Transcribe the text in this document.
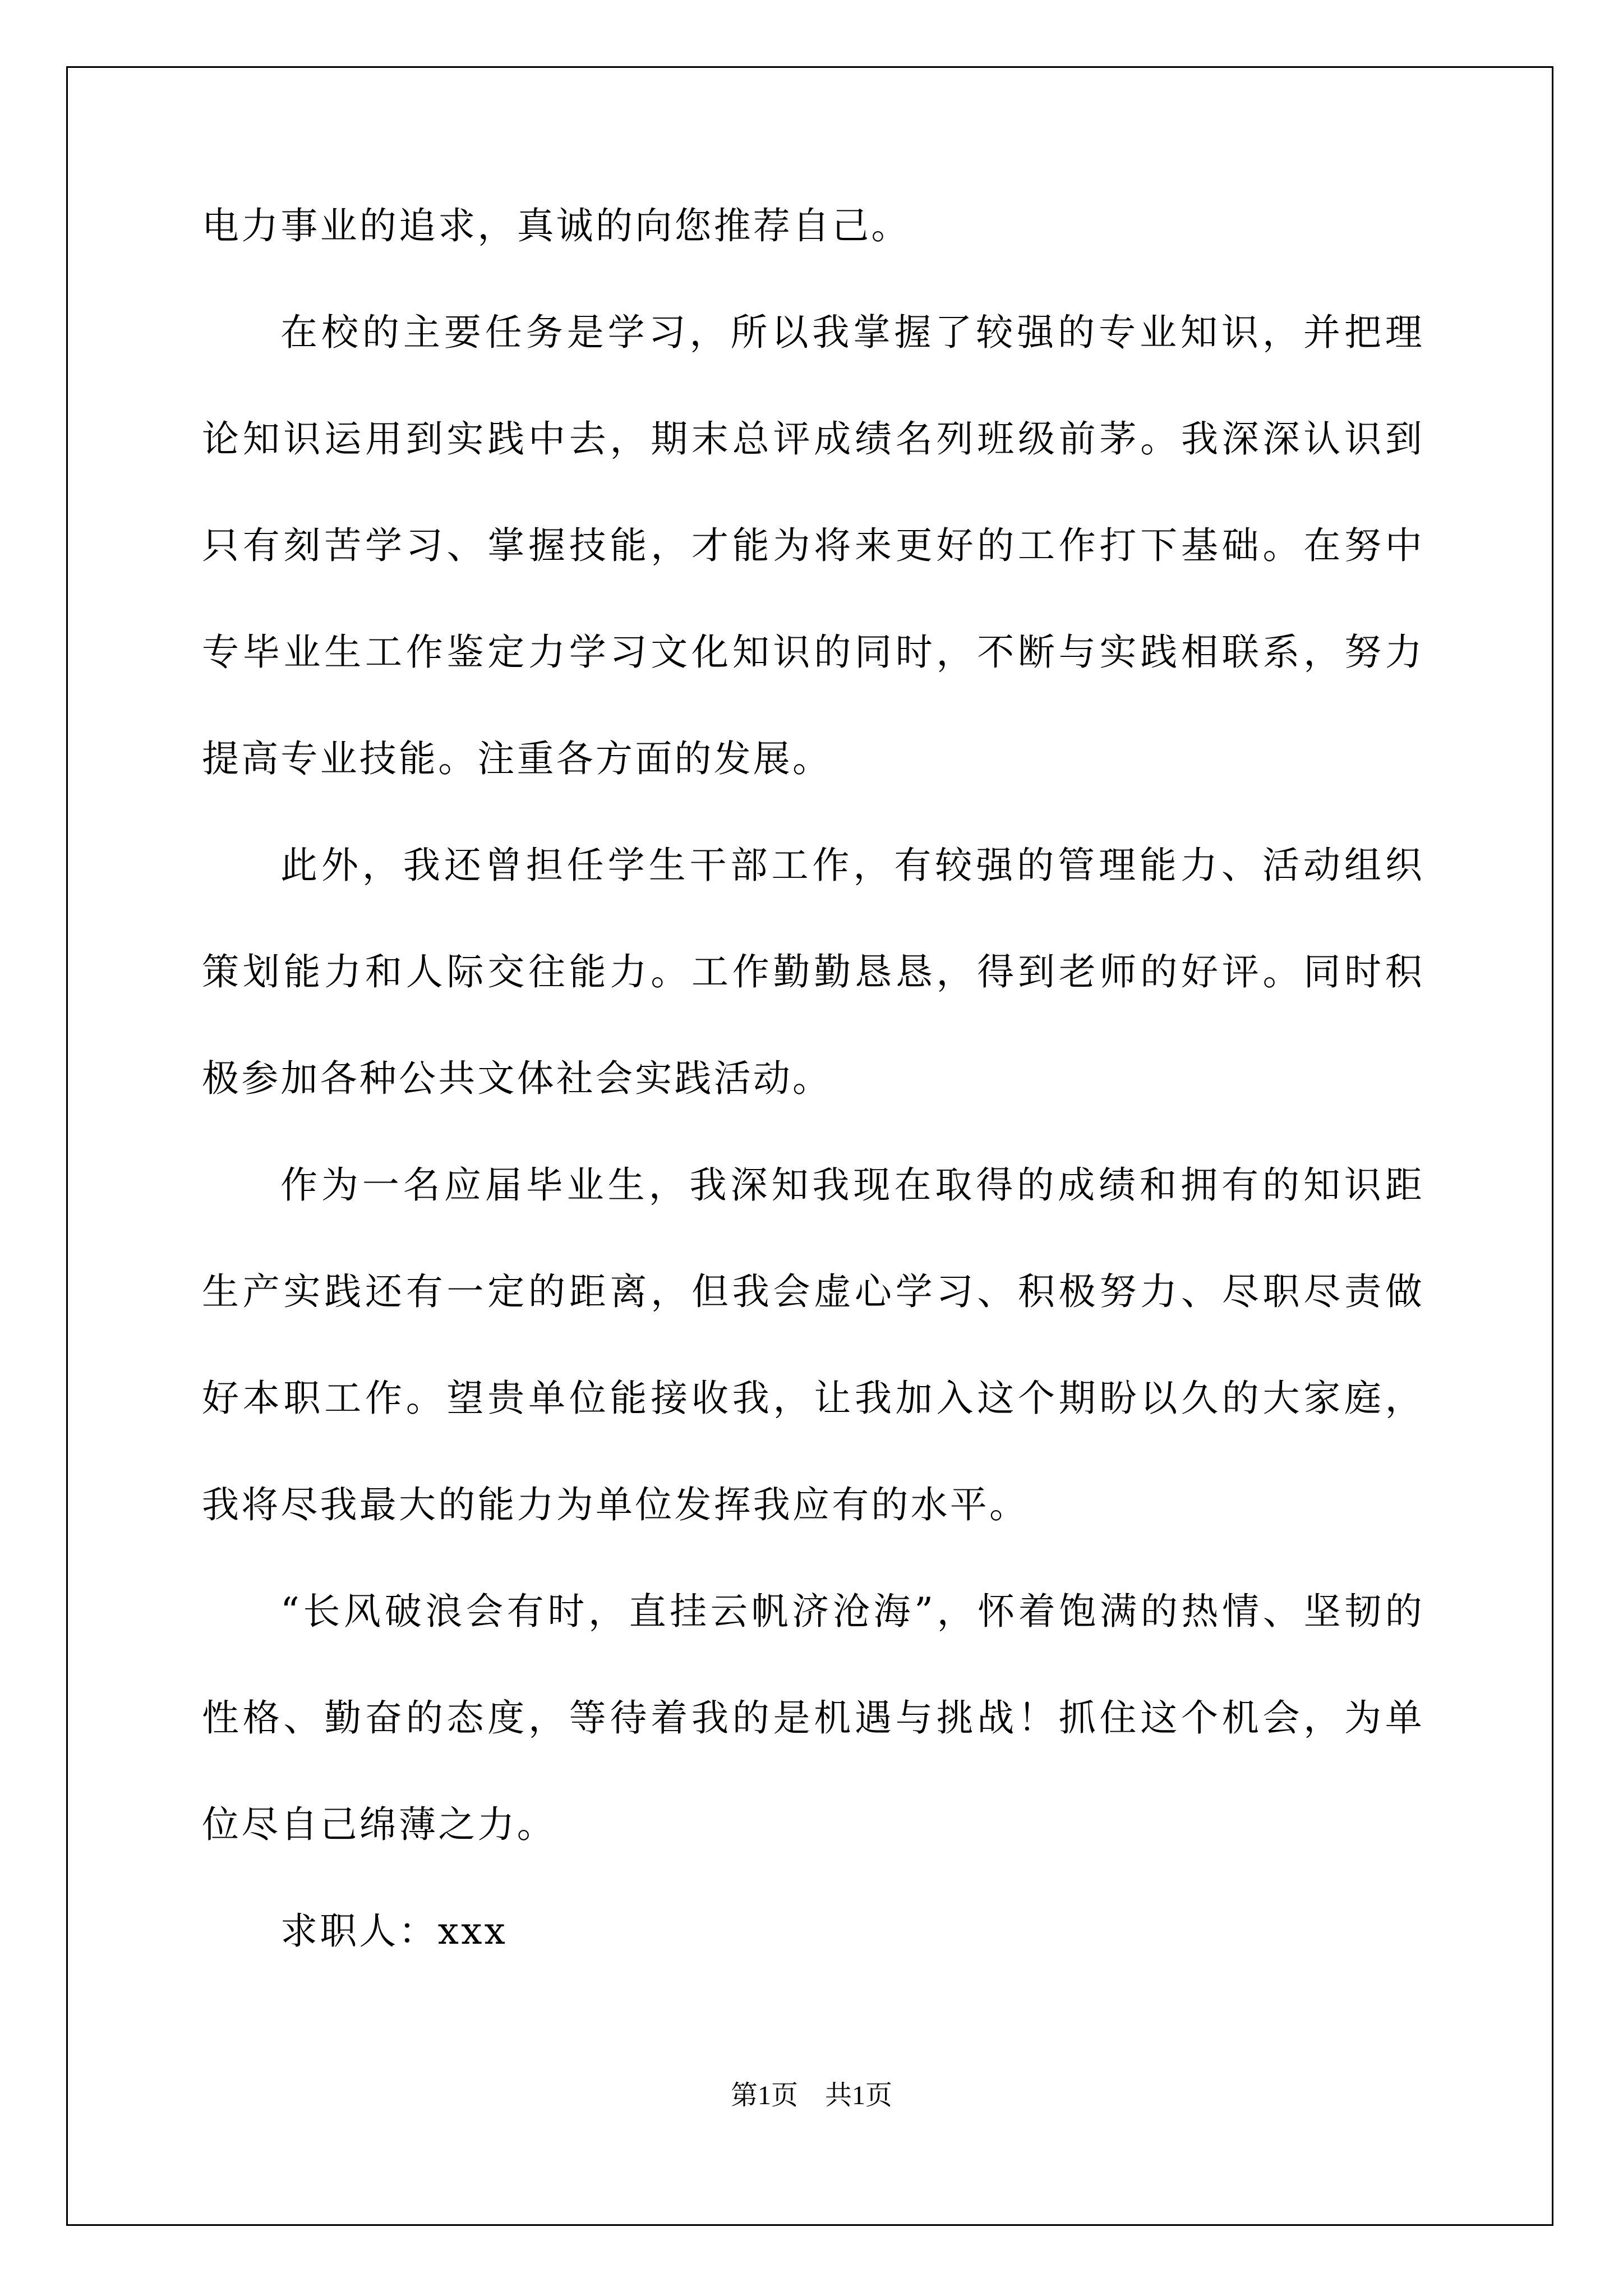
电力事业的追求，真诚的向您推荐自己。
在校的主要任务是学习，所以我掌握了较强的专业知识，并把理
论知识运用到实践中去，期末总评成绩名列班级前茅。我深深认识到
只有刻苦学习、掌握技能，才能为将来更好的工作打下基础。在努中
专毕业生工作鉴定力学习文化知识的同时，不断与实践相联系，努力
提高专业技能。注重各方面的发展。
此外，我还曾担任学生干部工作，有较强的管理能力、活动组织
策划能力和人际交往能力。工作勤勤恳恳，得到老师的好评。同时积
极参加各种公共文体社会实践活动。
作为一名应届毕业生，我深知我现在取得的成绩和拥有的知识距
生产实践还有一定的距离，但我会虚心学习、积极努力、尽职尽责做
好本职工作。望贵单位能接收我，让我加入这个期盼以久的大家庭，
我将尽我最大的能力为单位发挥我应有的水平。
“长风破浪会有时，直挂云帆济沧海”，怀着饱满的热情、坚韧的
性格、勤奋的态度，等待着我的是机遇与挑战！抓住这个机会，为单
位尽自己绵薄之力。
求职人：xxx
第1页 共1页
